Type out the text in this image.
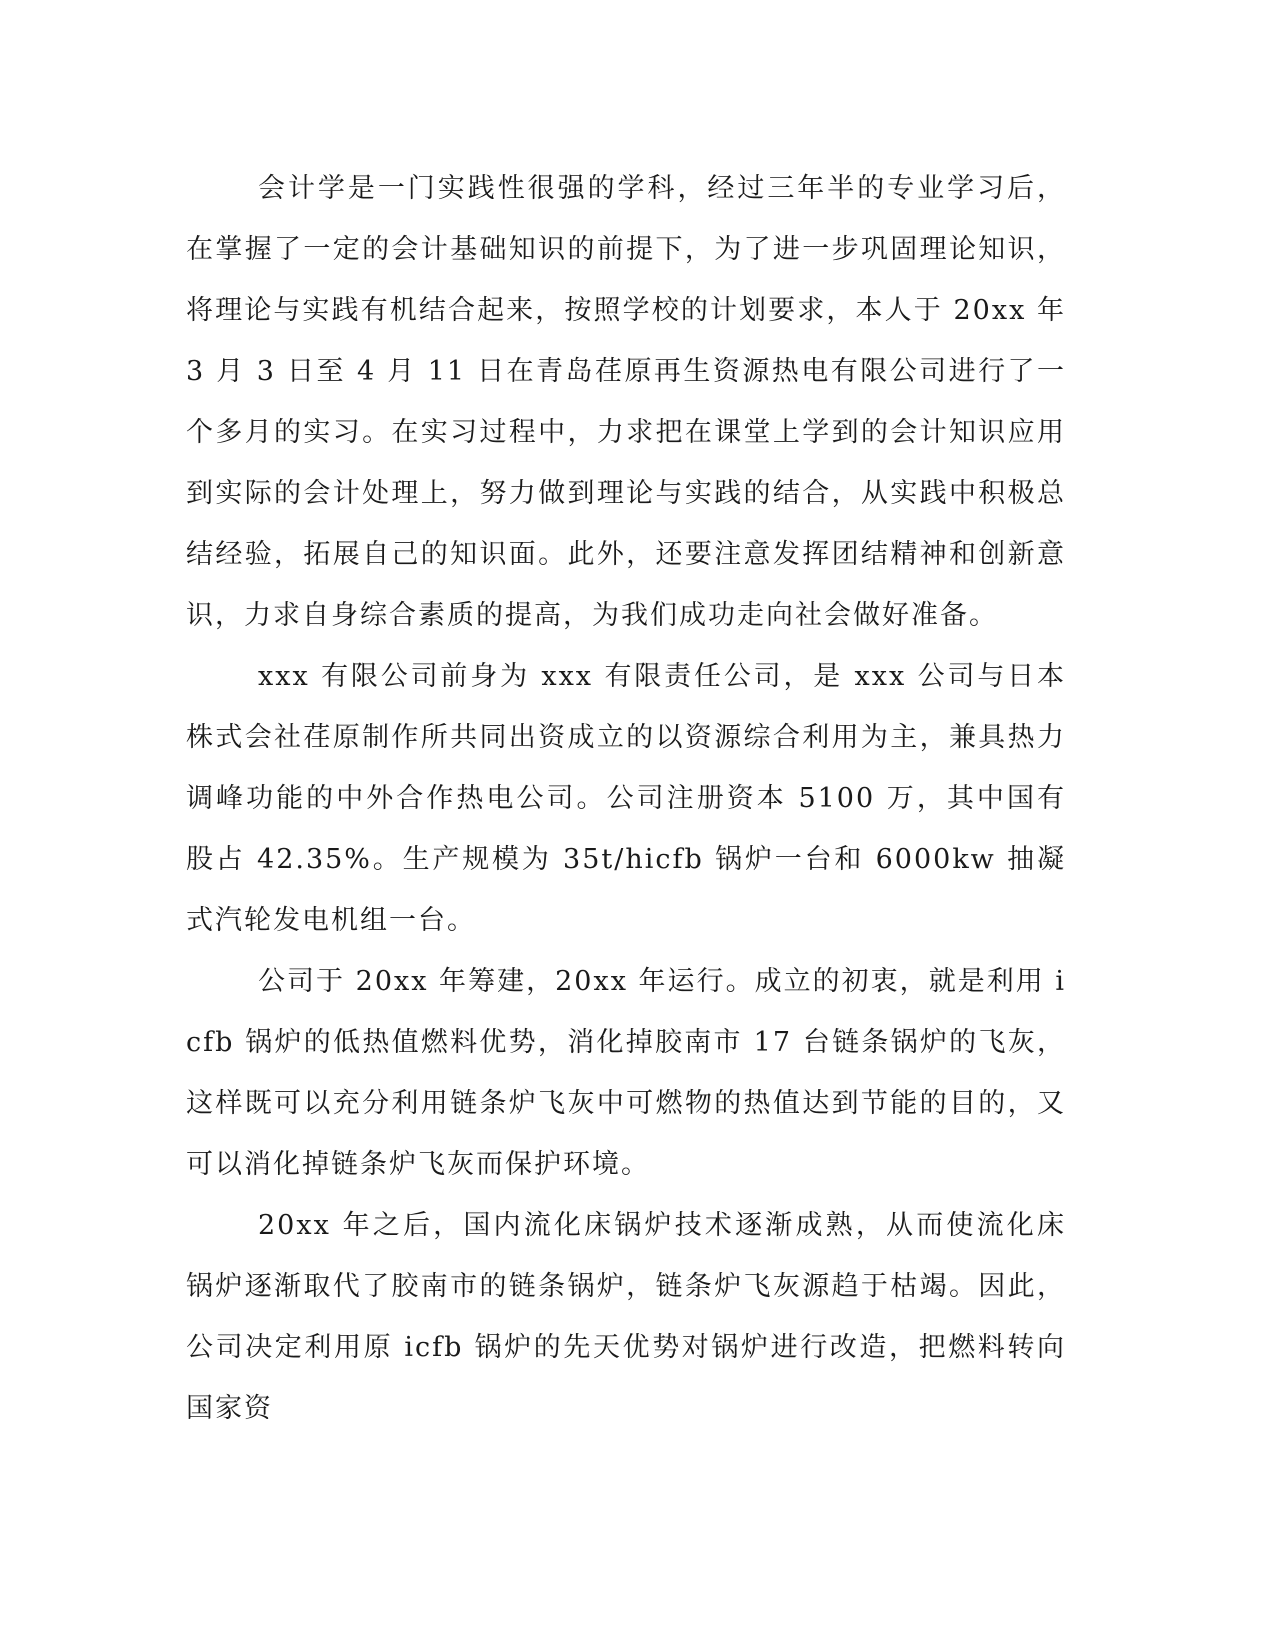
会计学是一门实践性很强的学科，经过三年半的专业学习后，在掌握了一定的会计基础知识的前提下，为了进一步巩固理论知识，将理论与实践有机结合起来，按照学校的计划要求，本人于 20xx 年 3 月 3 日至 4 月 11 日在青岛荏原再生资源热电有限公司进行了一个多月的实习。在实习过程中，力求把在课堂上学到的会计知识应用到实际的会计处理上，努力做到理论与实践的结合，从实践中积极总结经验，拓展自己的知识面。此外，还要注意发挥团结精神和创新意识，力求自身综合素质的提高，为我们成功走向社会做好准备。

xxx 有限公司前身为 xxx 有限责任公司，是 xxx 公司与日本株式会社荏原制作所共同出资成立的以资源综合利用为主，兼具热力调峰功能的中外合作热电公司。公司注册资本 5100 万，其中国有股占 42.35%。生产规模为 35t/hicfb 锅炉一台和 6000kw 抽凝式汽轮发电机组一台。

公司于 20xx 年筹建，20xx 年运行。成立的初衷，就是利用 icfb 锅炉的低热值燃料优势，消化掉胶南市 17 台链条锅炉的飞灰，这样既可以充分利用链条炉飞灰中可燃物的热值达到节能的目的，又可以消化掉链条炉飞灰而保护环境。

20xx 年之后，国内流化床锅炉技术逐渐成熟，从而使流化床锅炉逐渐取代了胶南市的链条锅炉，链条炉飞灰源趋于枯竭。因此，公司决定利用原 icfb 锅炉的先天优势对锅炉进行改造，把燃料转向国家资
